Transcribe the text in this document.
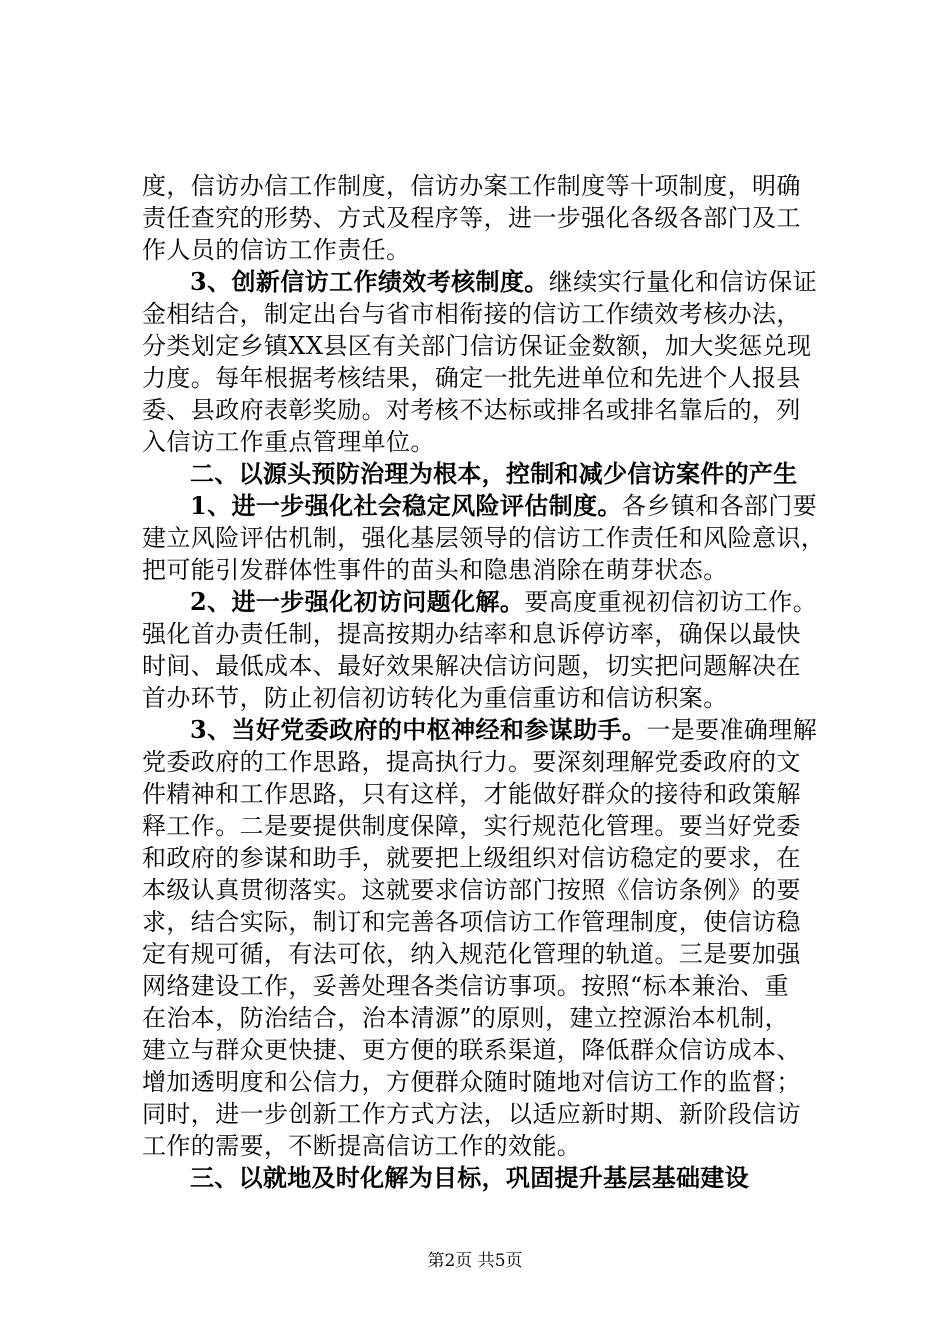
度，信访办信工作制度，信访办案工作制度等十项制度，明确
责任查究的形势、方式及程序等，进一步强化各级各部门及工
作人员的信访工作责任。
3、创新信访工作绩效考核制度。继续实行量化和信访保证
金相结合，制定出台与省市相衔接的信访工作绩效考核办法，
分类划定乡镇XX县区有关部门信访保证金数额，加大奖惩兑现
力度。每年根据考核结果，确定一批先进单位和先进个人报县
委、县政府表彰奖励。对考核不达标或排名或排名靠后的，列
入信访工作重点管理单位。
二、以源头预防治理为根本，控制和减少信访案件的产生
1、进一步强化社会稳定风险评估制度。各乡镇和各部门要
建立风险评估机制，强化基层领导的信访工作责任和风险意识，
把可能引发群体性事件的苗头和隐患消除在萌芽状态。
2、进一步强化初访问题化解。要高度重视初信初访工作。
强化首办责任制，提高按期办结率和息诉停访率，确保以最快
时间、最低成本、最好效果解决信访问题，切实把问题解决在
首办环节，防止初信初访转化为重信重访和信访积案。
3、当好党委政府的中枢神经和参谋助手。一是要准确理解
党委政府的工作思路，提高执行力。要深刻理解党委政府的文
件精神和工作思路，只有这样，才能做好群众的接待和政策解
释工作。二是要提供制度保障，实行规范化管理。要当好党委
和政府的参谋和助手，就要把上级组织对信访稳定的要求，在
本级认真贯彻落实。这就要求信访部门按照《信访条例》的要
求，结合实际，制订和完善各项信访工作管理制度，使信访稳
定有规可循，有法可依，纳入规范化管理的轨道。三是要加强
网络建设工作，妥善处理各类信访事项。按照“标本兼治、重
在治本，防治结合，治本清源”的原则，建立控源治本机制，
建立与群众更快捷、更方便的联系渠道，降低群众信访成本、
增加透明度和公信力，方便群众随时随地对信访工作的监督；
同时，进一步创新工作方式方法，以适应新时期、新阶段信访
工作的需要，不断提高信访工作的效能。
三、以就地及时化解为目标，巩固提升基层基础建设
第2页 共5页
